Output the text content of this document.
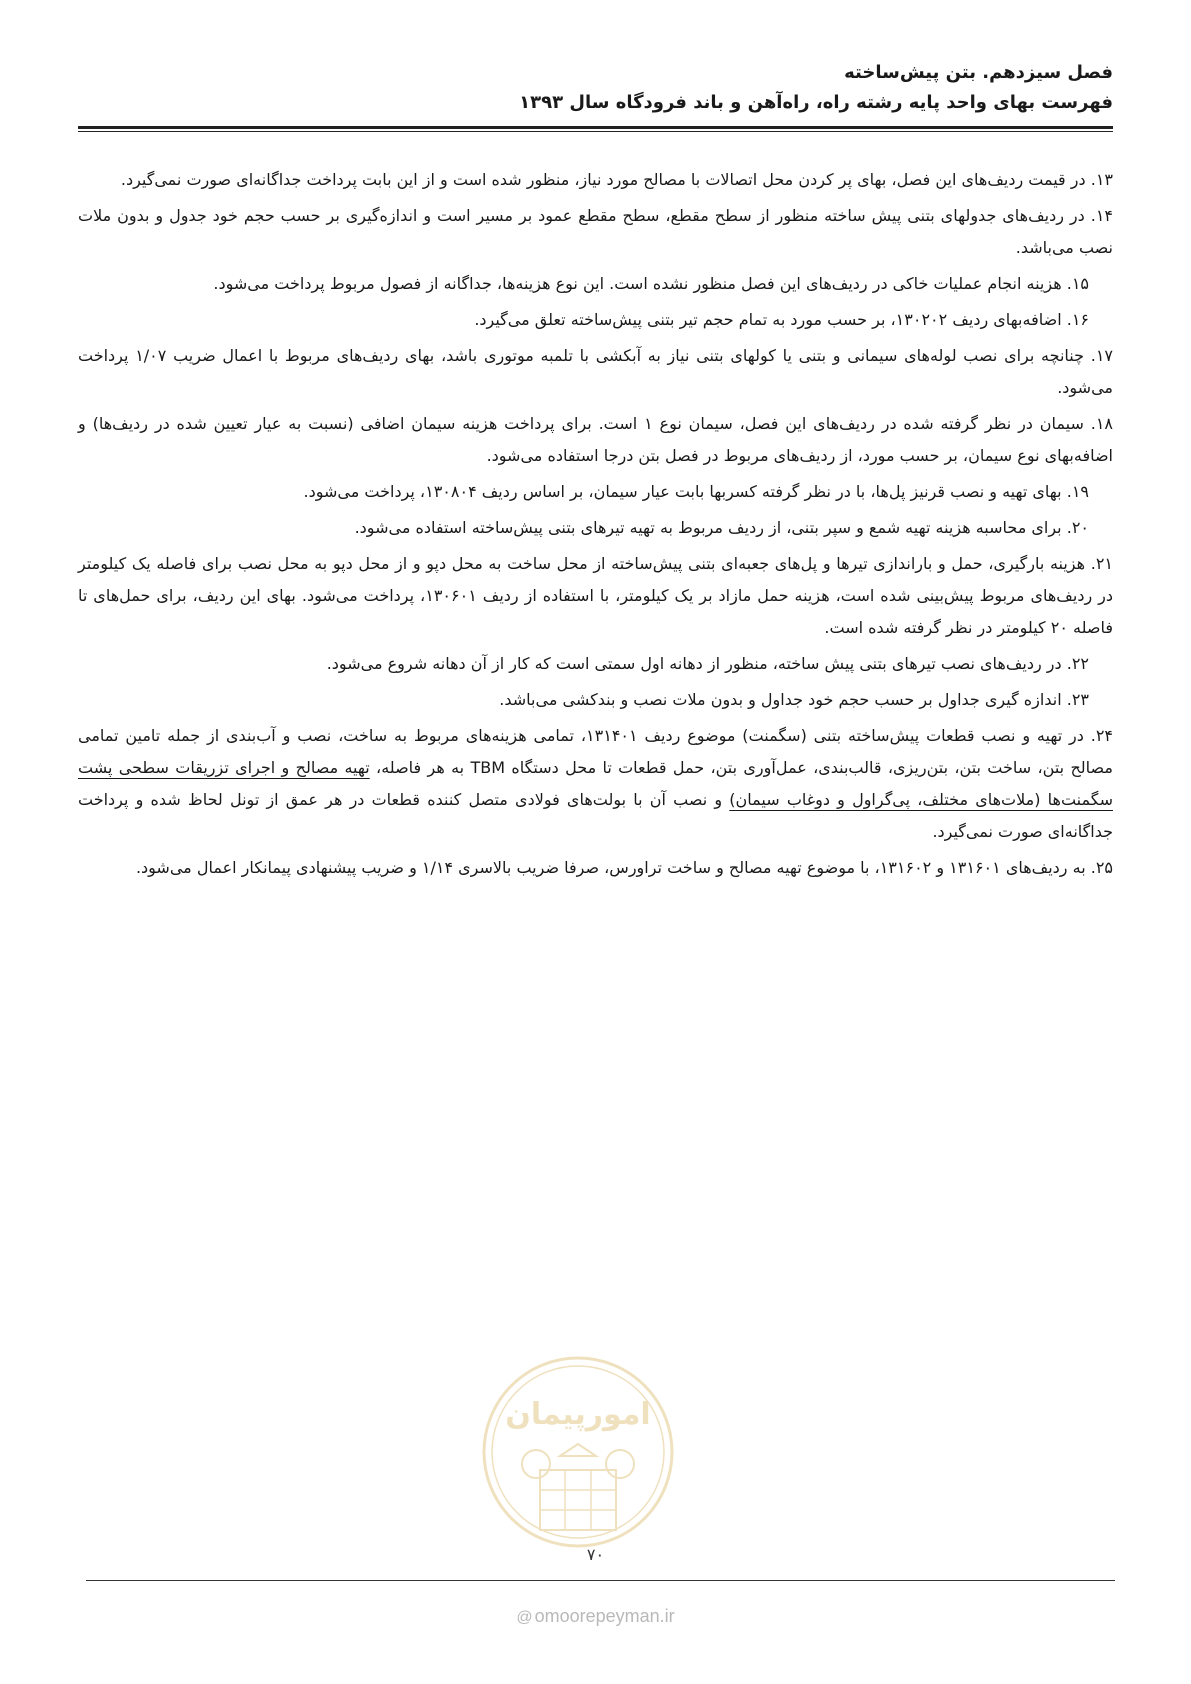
فصل سیزدهم. بتن پیش‌ساخته

فهرست بهای واحد پایه رشته راه، راه‌آهن و باند فرودگاه سال ۱۳۹۳

۱۳. در قیمت ردیف‌های این فصل، بهای پر کردن محل اتصالات با مصالح مورد نیاز، منظور شده است و از این بابت پرداخت جداگانه‌ای صورت نمی‌گیرد.

۱۴. در ردیف‌های جدولهای بتنی پیش ساخته منظور از سطح مقطع، سطح مقطع عمود بر مسیر است و اندازه‌گیری بر حسب حجم خود جدول و بدون ملات نصب می‌باشد.

۱۵. هزینه انجام عملیات خاکی در ردیف‌های این فصل منظور نشده است. این نوع هزینه‌ها، جداگانه از فصول مربوط پرداخت می‌شود.

۱۶. اضافه‌بهای ردیف ۱۳۰۲۰۲، بر حسب مورد به تمام حجم تیر بتنی پیش‌ساخته تعلق می‌گیرد.

۱۷. چنانچه برای نصب لوله‌های سیمانی و بتنی یا کولهای بتنی نیاز به آبکشی با تلمبه موتوری باشد، بهای ردیف‌های مربوط با اعمال ضریب ۱/۰۷ پرداخت می‌شود.

۱۸. سیمان در نظر گرفته شده در ردیف‌های این فصل، سیمان نوع ۱ است. برای پرداخت هزینه سیمان اضافی (نسبت به عیار تعیین شده در ردیف‌ها) و اضافه‌بهای نوع سیمان، بر حسب مورد، از ردیف‌های مربوط در فصل بتن درجا استفاده می‌شود.

۱۹. بهای تهیه و نصب قرنیز پل‌ها، با در نظر گرفته کسربها بابت عیار سیمان، بر اساس ردیف ۱۳۰۸۰۴، پرداخت می‌شود.

۲۰. برای محاسبه هزینه تهیه شمع و سپر بتنی، از ردیف مربوط به تهیه تیرهای بتنی پیش‌ساخته استفاده می‌شود.

۲۱. هزینه بارگیری، حمل و باراندازی تیرها و پل‌های جعبه‌ای بتنی پیش‌ساخته از محل ساخت به محل دپو و از محل دپو به محل نصب برای فاصله یک کیلومتر در ردیف‌های مربوط پیش‌بینی شده است، هزینه حمل مازاد بر یک کیلومتر، با استفاده از ردیف ۱۳۰۶۰۱، پرداخت می‌شود. بهای این ردیف، برای حمل‌های تا فاصله ۲۰ کیلومتر در نظر گرفته شده است.

۲۲. در ردیف‌های نصب تیرهای بتنی پیش ساخته، منظور از دهانه اول سمتی است که کار از آن دهانه شروع می‌شود.

۲۳. اندازه گیری جداول بر حسب حجم خود جداول و بدون ملات نصب و بندکشی می‌باشد.

۲۴. در تهیه و نصب قطعات پیش‌ساخته بتنی (سگمنت) موضوع ردیف ۱۳۱۴۰۱، تمامی هزینه‌های مربوط به ساخت، نصب و آب‌بندی از جمله تامین تمامی مصالح بتن، ساخت بتن، بتن‌ریزی، قالب‌بندی، عمل‌آوری بتن، حمل قطعات تا محل دستگاه TBM به هر فاصله، تهیه مصالح و اجرای تزریقات سطحی پشت سگمنت‌ها (ملات‌های مختلف، پی‌گراول و دوغاب سیمان) و نصب آن با بولت‌های فولادی متصل کننده قطعات در هر عمق از تونل لحاظ شده و پرداخت جداگانه‌ای صورت نمی‌گیرد.

۲۵. به ردیف‌های ۱۳۱۶۰۱ و ۱۳۱۶۰۲، با موضوع تهیه مصالح و ساخت تراورس، صرفا ضریب بالاسری ۱/۱۴ و ضریب پیشنهادی پیمانکار اعمال می‌شود.

امورپیمان
۷۰
@ omoorepeyman.ir
